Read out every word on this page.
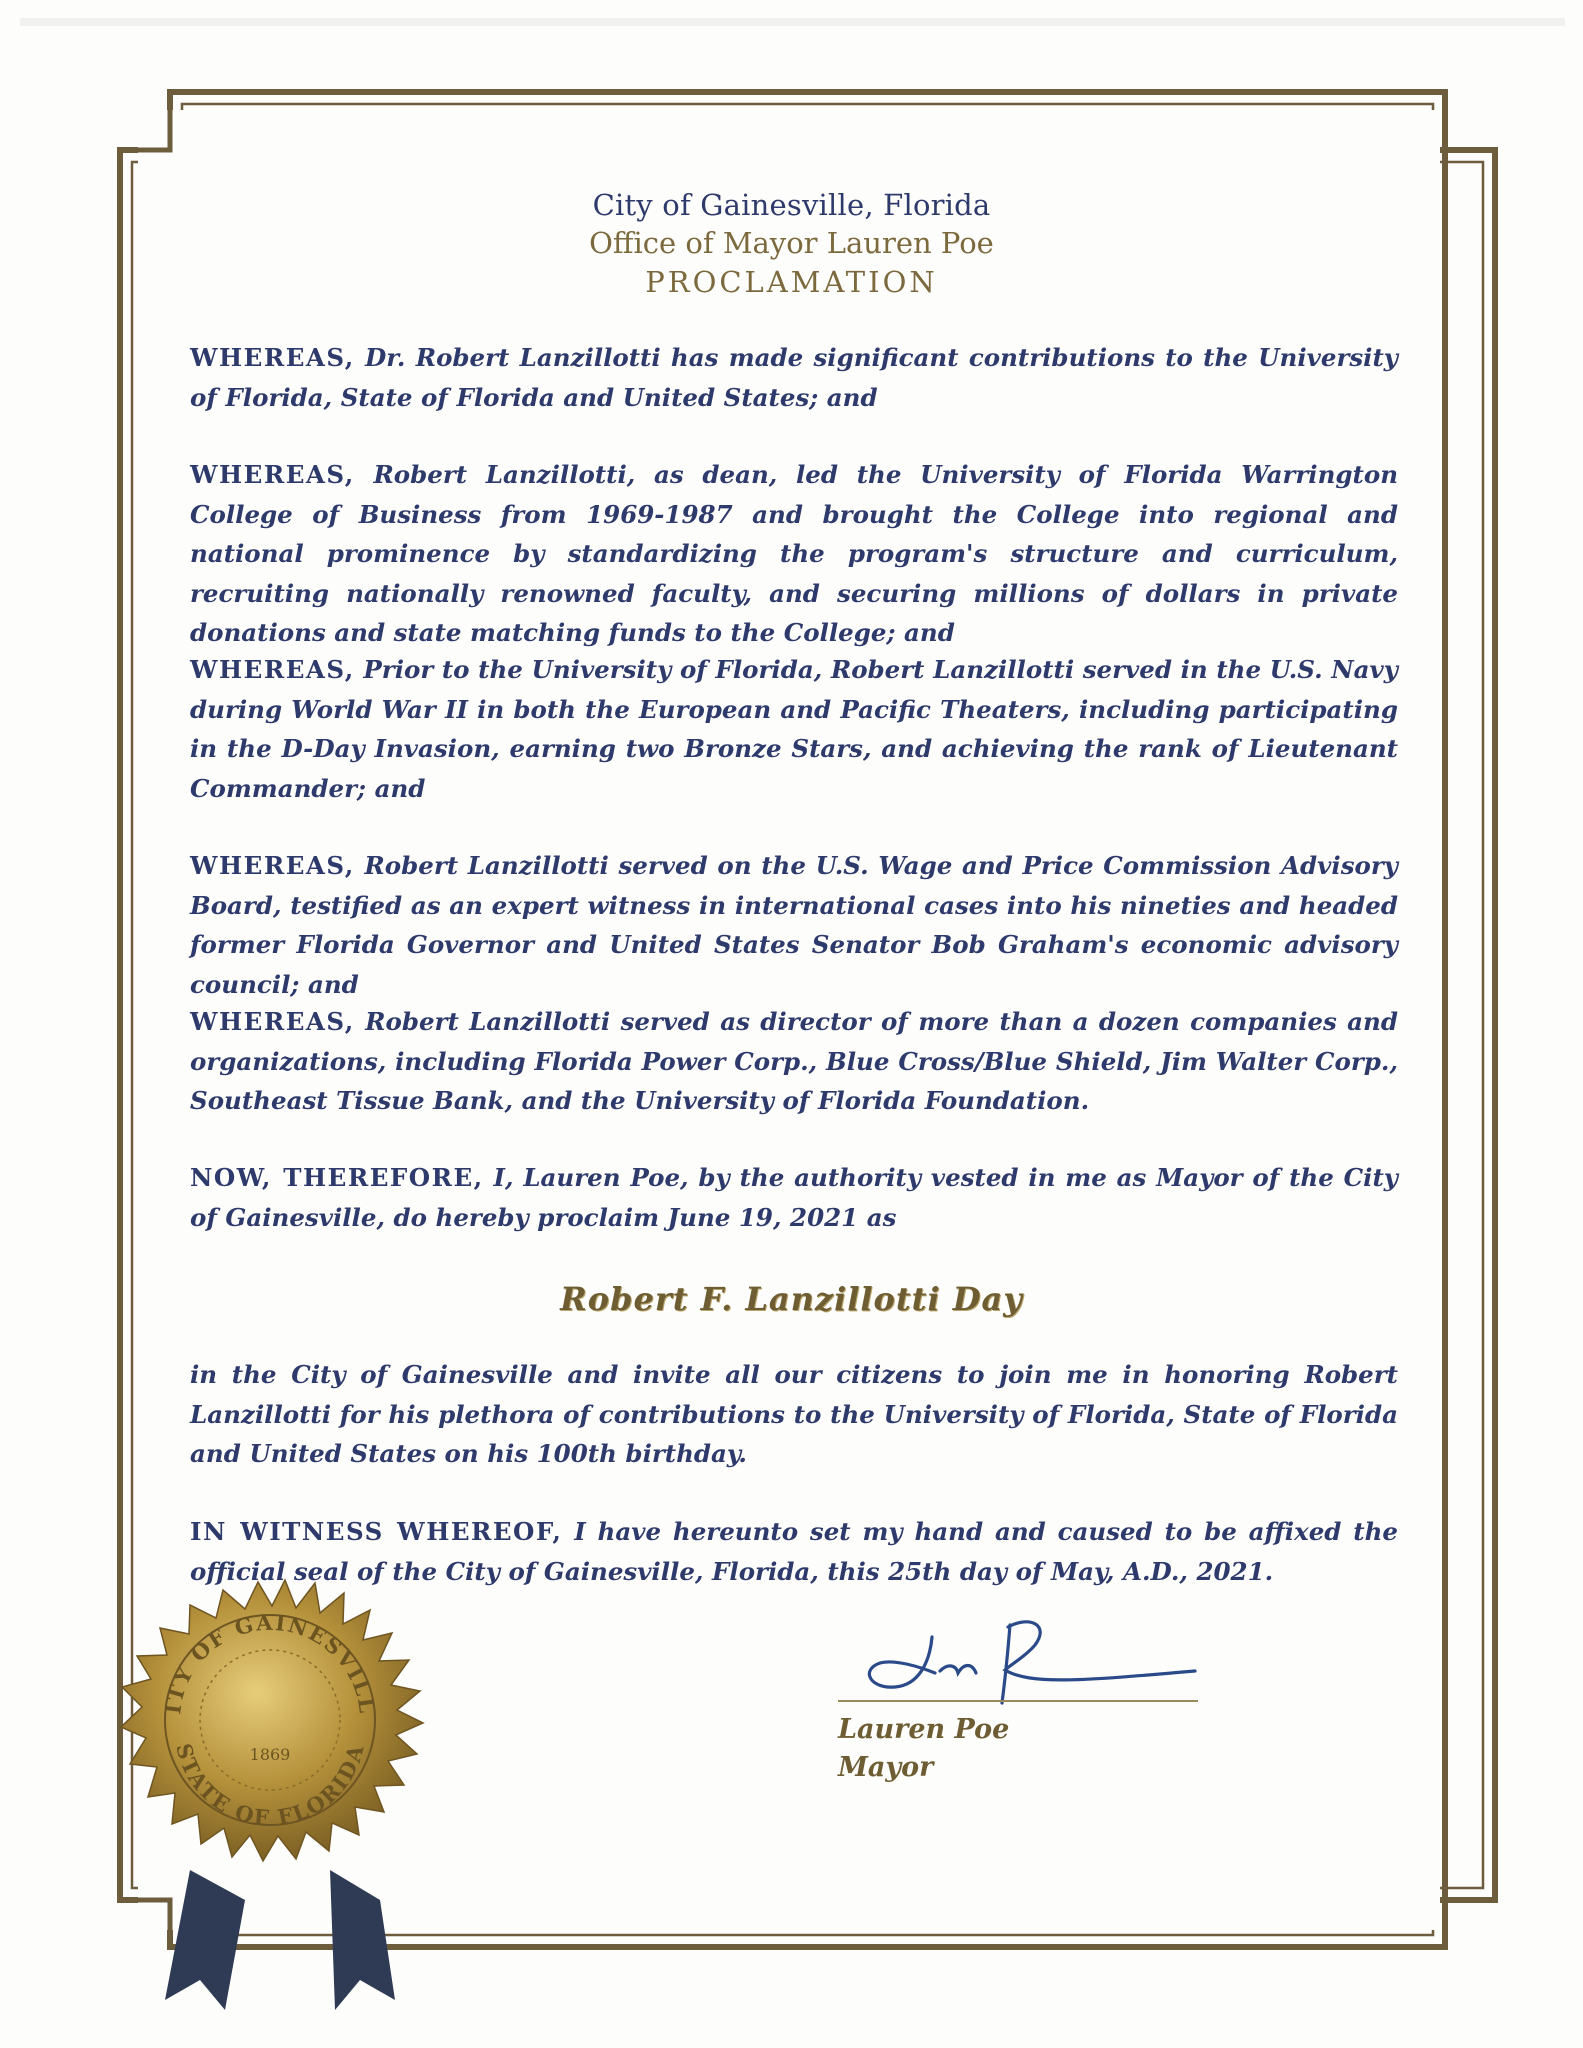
City of Gainesville, Florida
Office of Mayor Lauren Poe
PROCLAMATION
WHEREAS, Dr. Robert Lanzillotti has made significant contributions to the University of Florida, State of Florida and United States; and
WHEREAS, Robert Lanzillotti, as dean, led the University of Florida Warrington College of Business from 1969-1987 and brought the College into regional and national prominence by standardizing the program's structure and curriculum, recruiting nationally renowned faculty, and securing millions of dollars in private donations and state matching funds to the College; and
WHEREAS, Prior to the University of Florida, Robert Lanzillotti served in the U.S. Navy during World War II in both the European and Pacific Theaters, including participating in the D-Day Invasion, earning two Bronze Stars, and achieving the rank of Lieutenant Commander; and
WHEREAS, Robert Lanzillotti served on the U.S. Wage and Price Commission Advisory Board, testified as an expert witness in international cases into his nineties and headed former Florida Governor and United States Senator Bob Graham's economic advisory council; and
WHEREAS, Robert Lanzillotti served as director of more than a dozen companies and organizations, including Florida Power Corp., Blue Cross/Blue Shield, Jim Walter Corp., Southeast Tissue Bank, and the University of Florida Foundation.
NOW, THEREFORE, I, Lauren Poe, by the authority vested in me as Mayor of the City of Gainesville, do hereby proclaim June 19, 2021 as
Robert F. Lanzillotti Day
in the City of Gainesville and invite all our citizens to join me in honoring Robert Lanzillotti for his plethora of contributions to the University of Florida, State of Florida and United States on his 100th birthday.
IN WITNESS WHEREOF, I have hereunto set my hand and caused to be affixed the official seal of the City of Gainesville, Florida, this 25th day of May, A.D., 2021.
Lauren Poe
Mayor
ITY OF GAINESVILL
STATE OF FLORIDA
1869
